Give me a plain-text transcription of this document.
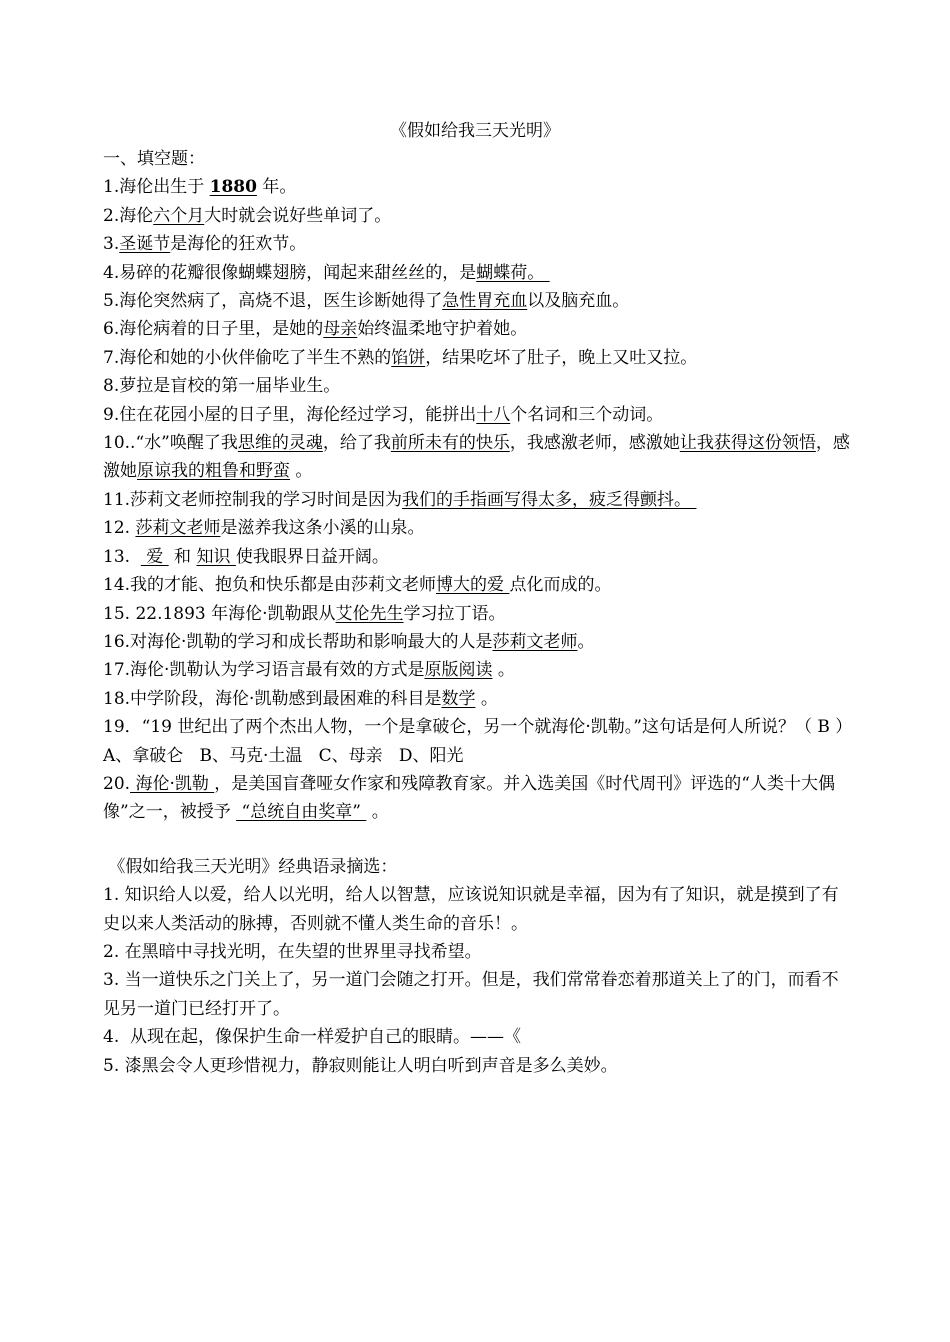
《假如给我三天光明》
一、填空题：
1.海伦出生于 1880 年。
2.海伦六个月大时就会说好些单词了。
3.圣诞节是海伦的狂欢节。
4.易碎的花瓣很像蝴蝶翅膀，闻起来甜丝丝的，是蝴蝶荷。
5.海伦突然病了，高烧不退，医生诊断她得了急性胃充血以及脑充血。
6.海伦病着的日子里，是她的母亲始终温柔地守护着她。
7.海伦和她的小伙伴偷吃了半生不熟的馅饼，结果吃坏了肚子，晚上又吐又拉。
8.萝拉是盲校的第一届毕业生。
9.住在花园小屋的日子里，海伦经过学习，能拼出十八个名词和三个动词。
10..“水”唤醒了我思维的灵魂，给了我前所未有的快乐，我感激老师，感激她让我获得这份领悟，感激她原谅我的粗鲁和野蛮 。
11.莎莉文老师控制我的学习时间是因为我们的手指画写得太多，疲乏得颤抖。
12. 莎莉文老师是滋养我这条小溪的山泉。
13.   爱  和 知识 使我眼界日益开阔。
14.我的才能、抱负和快乐都是由莎莉文老师博大的爱 点化而成的。
15. 22.1893 年海伦·凯勒跟从艾伦先生学习拉丁语。
16.对海伦·凯勒的学习和成长帮助和影响最大的人是莎莉文老师。
17.海伦·凯勒认为学习语言最有效的方式是原版阅读 。
18.中学阶段，海伦·凯勒感到最困难的科目是数学 。
19．“19 世纪出了两个杰出人物，一个是拿破仑，另一个就海伦·凯勒。”这句话是何人所说？（ B ）
A、拿破仑   B、马克·土温   C、母亲   D、阳光
20. 海伦·凯勒 ，是美国盲聋哑女作家和残障教育家。并入选美国《时代周刊》评选的“人类十大偶像”之一，被授予  “总统自由奖章”  。
《假如给我三天光明》经典语录摘选：
1. 知识给人以爱，给人以光明，给人以智慧，应该说知识就是幸福，因为有了知识，就是摸到了有史以来人类活动的脉搏，否则就不懂人类生命的音乐！。
2. 在黑暗中寻找光明，在失望的世界里寻找希望。
3. 当一道快乐之门关上了，另一道门会随之打开。但是，我们常常眷恋着那道关上了的门，而看不见另一道门已经打开了。
4.  从现在起，像保护生命一样爱护自己的眼睛。——《
5. 漆黑会令人更珍惜视力，静寂则能让人明白听到声音是多么美妙。
